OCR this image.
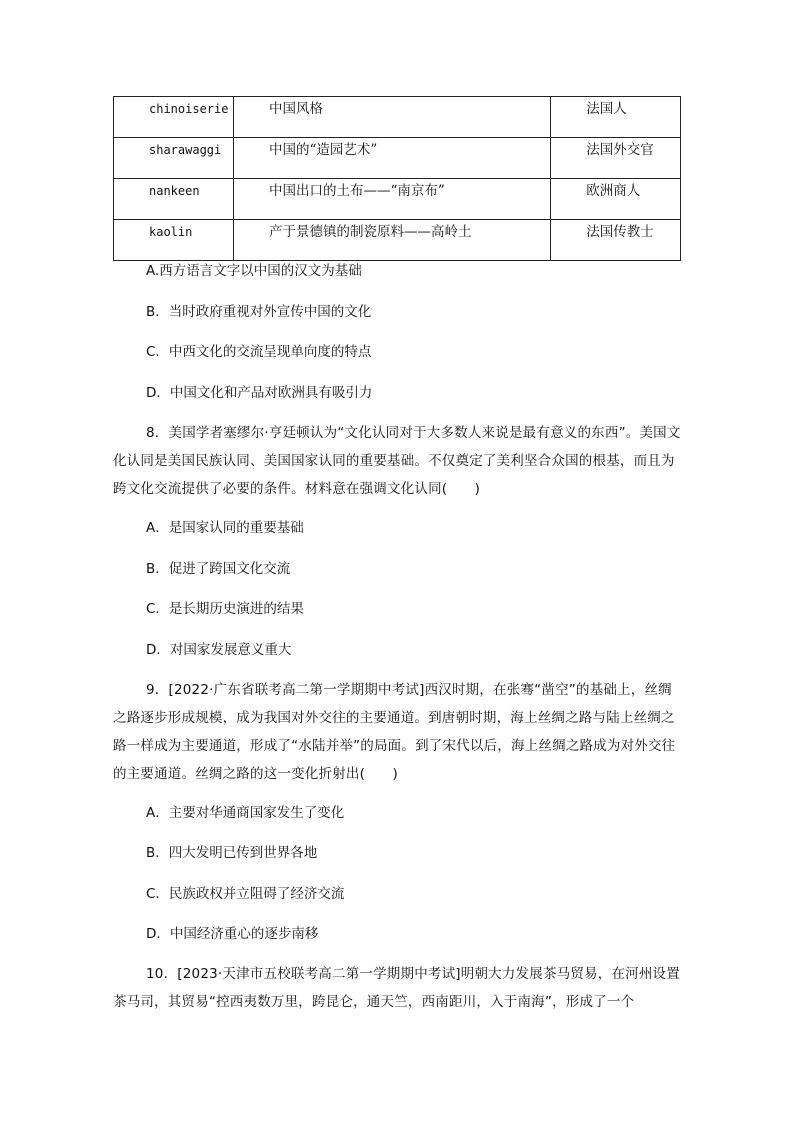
chinoiserie	中国风格	法国人
sharawaggi	中国的“造园艺术”	法国外交官
nankeen	中国出口的土布——“南京布”	欧洲商人
kaolin	产于景德镇的制瓷原料——高岭土	法国传教士
A.西方语言文字以中国的汉文为基础
B．当时政府重视对外宣传中国的文化
C．中西文化的交流呈现单向度的特点
D．中国文化和产品对欧洲具有吸引力
8．美国学者塞缪尔·亨廷顿认为“文化认同对于大多数人来说是最有意义的东西”。美国文化认同是美国民族认同、美国国家认同的重要基础。不仅奠定了美利坚合众国的根基，而且为跨文化交流提供了必要的条件。材料意在强调文化认同(　　)
A．是国家认同的重要基础
B．促进了跨国文化交流
C．是长期历史演进的结果
D．对国家发展意义重大
9．[2022·广东省联考高二第一学期期中考试]西汉时期，在张骞“凿空”的基础上，丝绸之路逐步形成规模，成为我国对外交往的主要通道。到唐朝时期，海上丝绸之路与陆上丝绸之路一样成为主要通道，形成了“水陆并举”的局面。到了宋代以后，海上丝绸之路成为对外交往的主要通道。丝绸之路的这一变化折射出(　　)
A．主要对华通商国家发生了变化
B．四大发明已传到世界各地
C．民族政权并立阻碍了经济交流
D．中国经济重心的逐步南移
10．[2023·天津市五校联考高二第一学期期中考试]明朝大力发展茶马贸易，在河州设置茶马司，其贸易“控西夷数万里，跨昆仑，通天竺，西南距川，入于南海”，形成了一个
